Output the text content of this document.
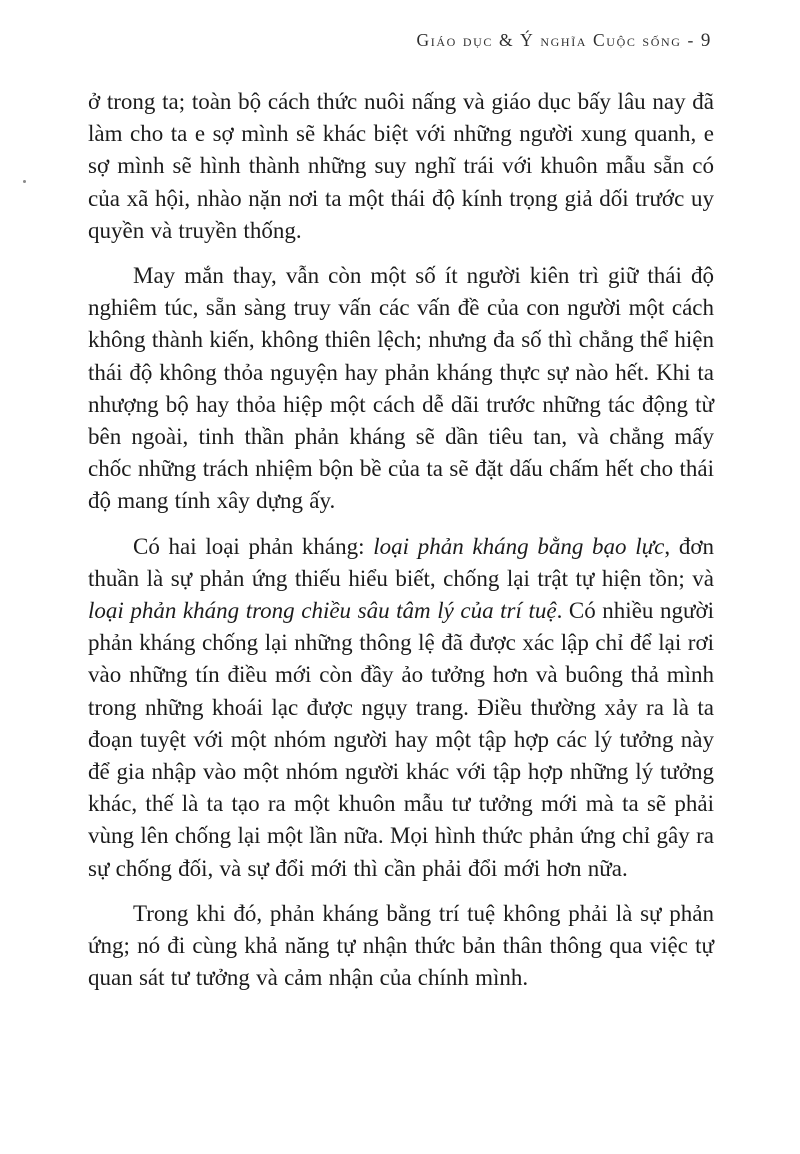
Giáo dục & Ý nghĩa Cuộc sống - 9

ở trong ta; toàn bộ cách thức nuôi nấng và giáo dục bấy lâu nay đã làm cho ta e sợ mình sẽ khác biệt với những người xung quanh, e sợ mình sẽ hình thành những suy nghĩ trái với khuôn mẫu sẵn có của xã hội, nhào nặn nơi ta một thái độ kính trọng giả dối trước uy quyền và truyền thống.

May mắn thay, vẫn còn một số ít người kiên trì giữ thái độ nghiêm túc, sẵn sàng truy vấn các vấn đề của con người một cách không thành kiến, không thiên lệch; nhưng đa số thì chẳng thể hiện thái độ không thỏa nguyện hay phản kháng thực sự nào hết. Khi ta nhượng bộ hay thỏa hiệp một cách dễ dãi trước những tác động từ bên ngoài, tinh thần phản kháng sẽ dần tiêu tan, và chẳng mấy chốc những trách nhiệm bộn bề của ta sẽ đặt dấu chấm hết cho thái độ mang tính xây dựng ấy.

Có hai loại phản kháng: loại phản kháng bằng bạo lực, đơn thuần là sự phản ứng thiếu hiểu biết, chống lại trật tự hiện tồn; và loại phản kháng trong chiều sâu tâm lý của trí tuệ. Có nhiều người phản kháng chống lại những thông lệ đã được xác lập chỉ để lại rơi vào những tín điều mới còn đầy ảo tưởng hơn và buông thả mình trong những khoái lạc được ngụy trang. Điều thường xảy ra là ta đoạn tuyệt với một nhóm người hay một tập hợp các lý tưởng này để gia nhập vào một nhóm người khác với tập hợp những lý tưởng khác, thế là ta tạo ra một khuôn mẫu tư tưởng mới mà ta sẽ phải vùng lên chống lại một lần nữa. Mọi hình thức phản ứng chỉ gây ra sự chống đối, và sự đổi mới thì cần phải đổi mới hơn nữa.

Trong khi đó, phản kháng bằng trí tuệ không phải là sự phản ứng; nó đi cùng khả năng tự nhận thức bản thân thông qua việc tự quan sát tư tưởng và cảm nhận của chính mình.
